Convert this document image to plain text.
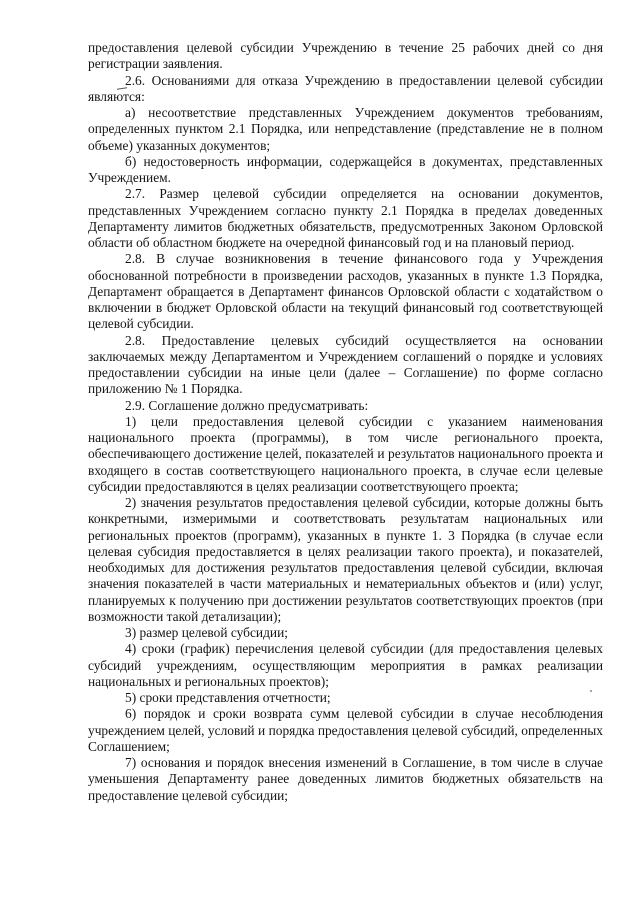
предоставления целевой субсидии Учреждению в течение 25 рабочих дней со дня регистрации заявления.

2.6. Основаниями для отказа Учреждению в предоставлении целевой субсидии являются:

а) несоответствие представленных Учреждением документов требованиям, определенных пунктом 2.1 Порядка, или непредставление (представление не в полном объеме) указанных документов;

б) недостоверность информации, содержащейся в документах, представленных Учреждением.

2.7. Размер целевой субсидии определяется на основании документов, представленных Учреждением согласно пункту 2.1 Порядка в пределах доведенных Департаменту лимитов бюджетных обязательств, предусмотренных Законом Орловской области об областном бюджете на очередной финансовый год и на плановый период.

2.8. В случае возникновения в течение финансового года у Учреждения обоснованной потребности в произведении расходов, указанных в пункте 1.3 Порядка, Департамент обращается в Департамент финансов Орловской области с ходатайством о включении в бюджет Орловской области на текущий финансовый год соответствующей целевой субсидии.

2.8. Предоставление целевых субсидий осуществляется на основании заключаемых между Департаментом и Учреждением соглашений о порядке и условиях предоставлении субсидии на иные цели (далее – Соглашение) по форме согласно приложению № 1 Порядка.

2.9. Соглашение должно предусматривать:

1) цели предоставления целевой субсидии с указанием наименования национального проекта (программы), в том числе регионального проекта, обеспечивающего достижение целей, показателей и результатов национального проекта и входящего в состав соответствующего национального проекта, в случае если целевые субсидии предоставляются в целях реализации соответствующего проекта;

2) значения результатов предоставления целевой субсидии, которые должны быть конкретными, измеримыми и соответствовать результатам национальных или региональных проектов (программ), указанных в пункте 1. 3 Порядка (в случае если целевая субсидия предоставляется в целях реализации такого проекта), и показателей, необходимых для достижения результатов предоставления целевой субсидии, включая значения показателей в части материальных и нематериальных объектов и (или) услуг, планируемых к получению при достижении результатов соответствующих проектов (при возможности такой детализации);

3) размер целевой субсидии;

4) сроки (график) перечисления целевой субсидии (для предоставления целевых субсидий учреждениям, осуществляющим мероприятия в рамках реализации национальных и региональных проектов);

5) сроки представления отчетности;

6) порядок и сроки возврата сумм целевой субсидии в случае несоблюдения учреждением целей, условий и порядка предоставления целевой субсидий, определенных Соглашением;

7) основания и порядок внесения изменений в Соглашение, в том числе в случае уменьшения Департаменту ранее доведенных лимитов бюджетных обязательств на предоставление целевой субсидии;
